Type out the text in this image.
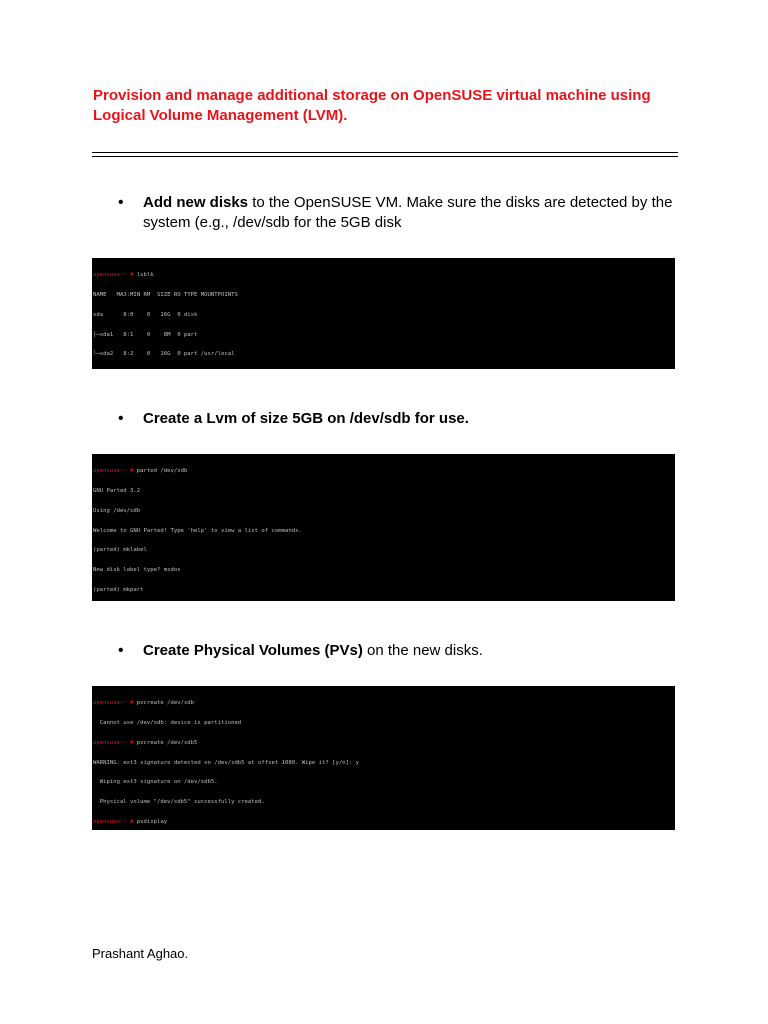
Provision and manage additional storage on OpenSUSE virtual machine using Logical Volume Management (LVM).
•	Add new disks to the OpenSUSE VM. Make sure the disks are detected by the system (e.g., /dev/sdb for the 5GB disk

opensuse:~ # lsblk

NAME   MAJ:MIN RM  SIZE RO TYPE MOUNTPOINTS

sda      8:0    0   16G  0 disk

├─sda1   8:1    0    8M  0 part

└─sda2   8:2    0   16G  0 part /usr/local

•	Create a Lvm of size 5GB on /dev/sdb for use.

opensuse:~ # parted /dev/sdb

GNU Parted 3.2

Using /dev/sdb

Welcome to GNU Parted! Type 'help' to view a list of commands.

(parted) mklabel

New disk label type? msdos

(parted) mkpart

•	Create Physical Volumes (PVs) on the new disks.

opensuse:~ # pvcreate /dev/sdb

Cannot use /dev/sdb: device is partitioned

opensuse:~ # pvcreate /dev/sdb5

WARNING: ext3 signature detected on /dev/sdb5 at offset 1080. Wipe it? [y/n]: y

Wiping ext3 signature on /dev/sdb5.

Physical volume "/dev/sdb5" successfully created.

opensuse:~ # pvdisplay

Prashant Aghao.
